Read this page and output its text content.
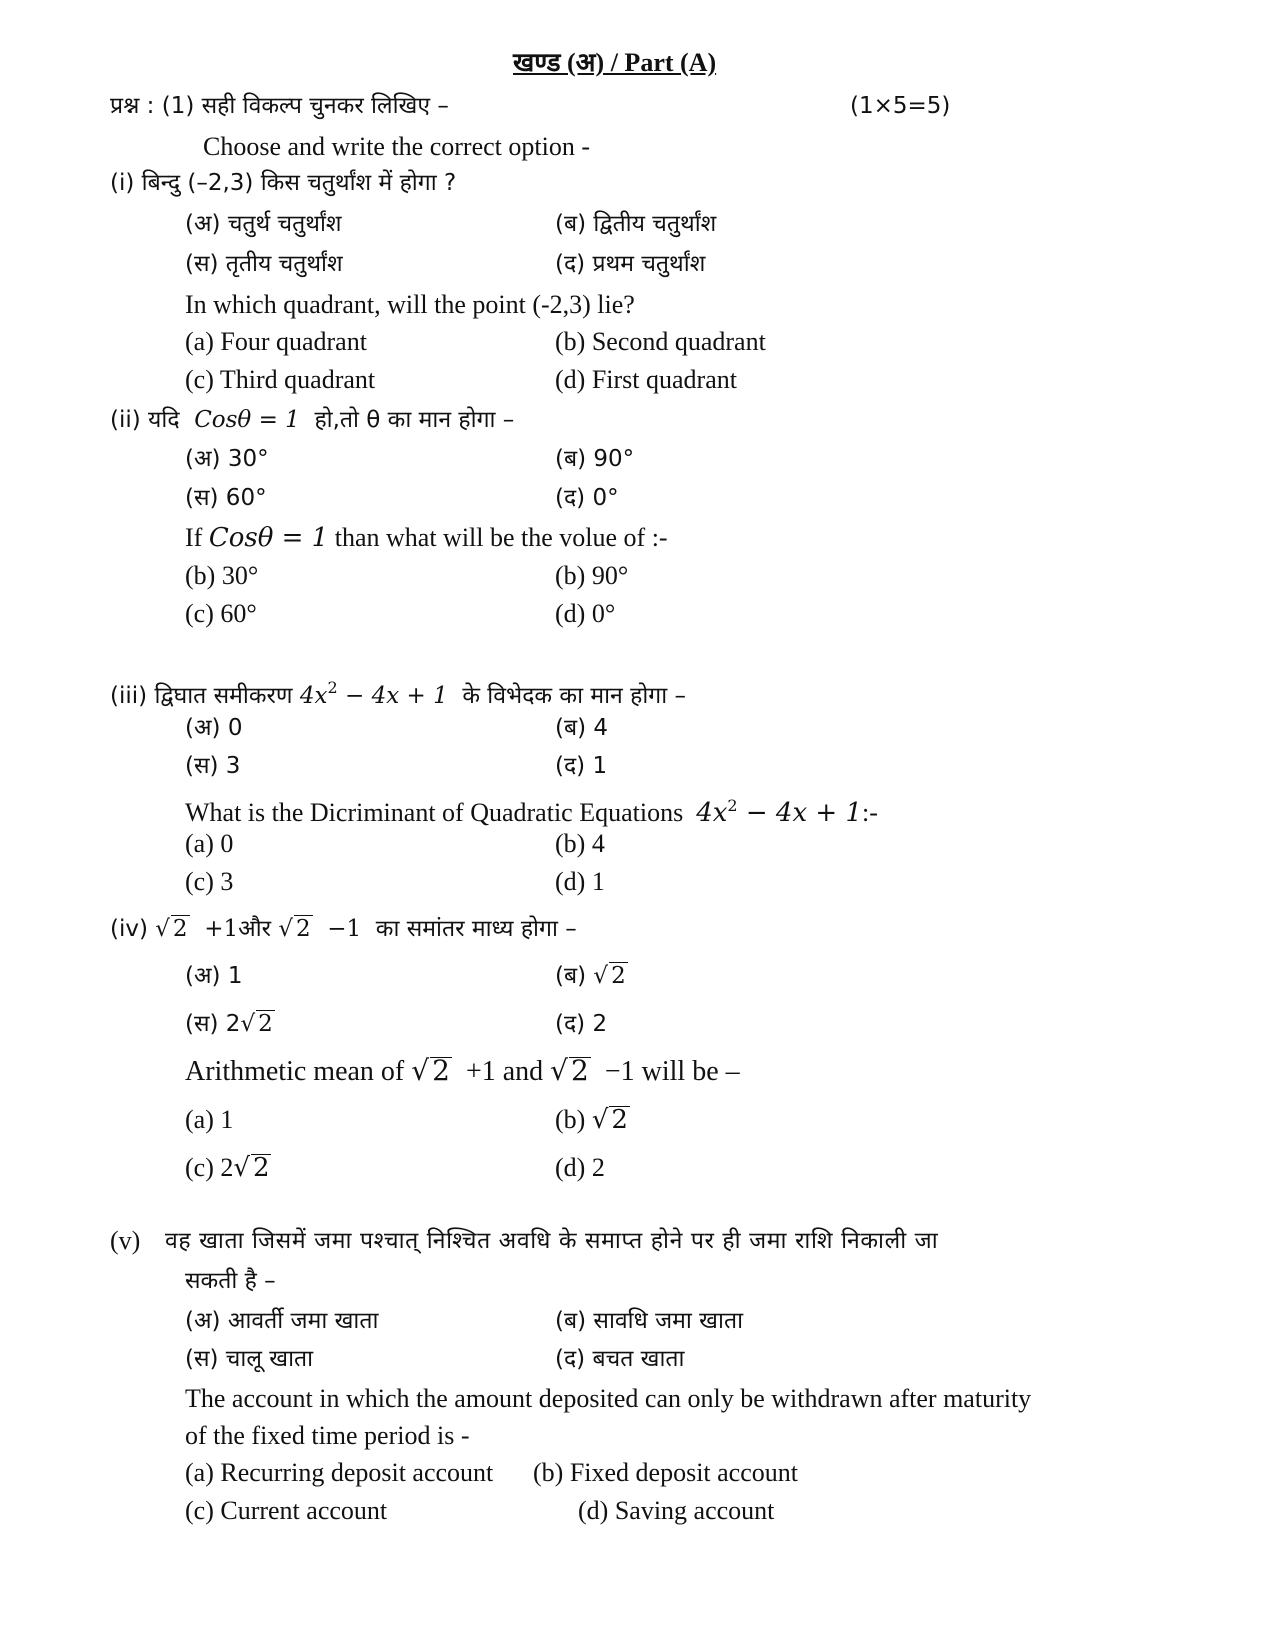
खण्ड (अ) / Part (A)
प्रश्न : (1) सही विकल्प चुनकर लिखिए –	(1×5=5)
Choose and write the correct option -
(i) बिन्दु (–2,3) किस चतुर्थांश में होगा ?
(अ) चतुर्थ चतुर्थांश	(ब) द्वितीय चतुर्थांश
(स) तृतीय चतुर्थांश	(द) प्रथम चतुर्थांश
In which quadrant, will the point (-2,3) lie?
(a) Four quadrant	(b) Second quadrant
(c) Third quadrant	(d) First quadrant
(ii) यदि Cosθ = 1 हो,तो θ का मान होगा –
(अ) 30°	(ब) 90°
(स) 60°	(द) 0°
If Cosθ = 1 than what will be the volue of :-
(b) 30°	(b) 90°
(c) 60°	(d) 0°
(iii) द्विघात समीकरण $4x^2 - 4x + 1$ के विभेदक का मान होगा –
(अ) 0	(ब) 4
(स) 3	(द) 1
What is the Dicriminant of Quadratic Equations $4x^2 - 4x$ + 1:-
(a) 0	(b) 4
(c) 3	(d) 1
(iv) √ 2 +1और √ 2 −1 का समांतर माध्य होगा –
(अ) 1	(ब) √ 2
(स) 2√ 2	(द) 2
Arithmetic mean of √ 2 +1 and √ 2 −1 will be –
(a) 1	(b) √ 2
(c) 2√ 2	(d) 2
(v) वह खाता जिसमें जमा पश्चात् निश्चित अवधि के समाप्त होने पर ही जमा राशि निकाली जा
सकती है –
(अ) आवर्ती जमा खाता	(ब) सावधि जमा खाता
(स) चालू खाता	(द) बचत खाता
The account in which the amount deposited can only be withdrawn after maturity
of the fixed time period is -
(a) Recurring deposit account (b) Fixed deposit account
(c) Current account	(d) Saving account
